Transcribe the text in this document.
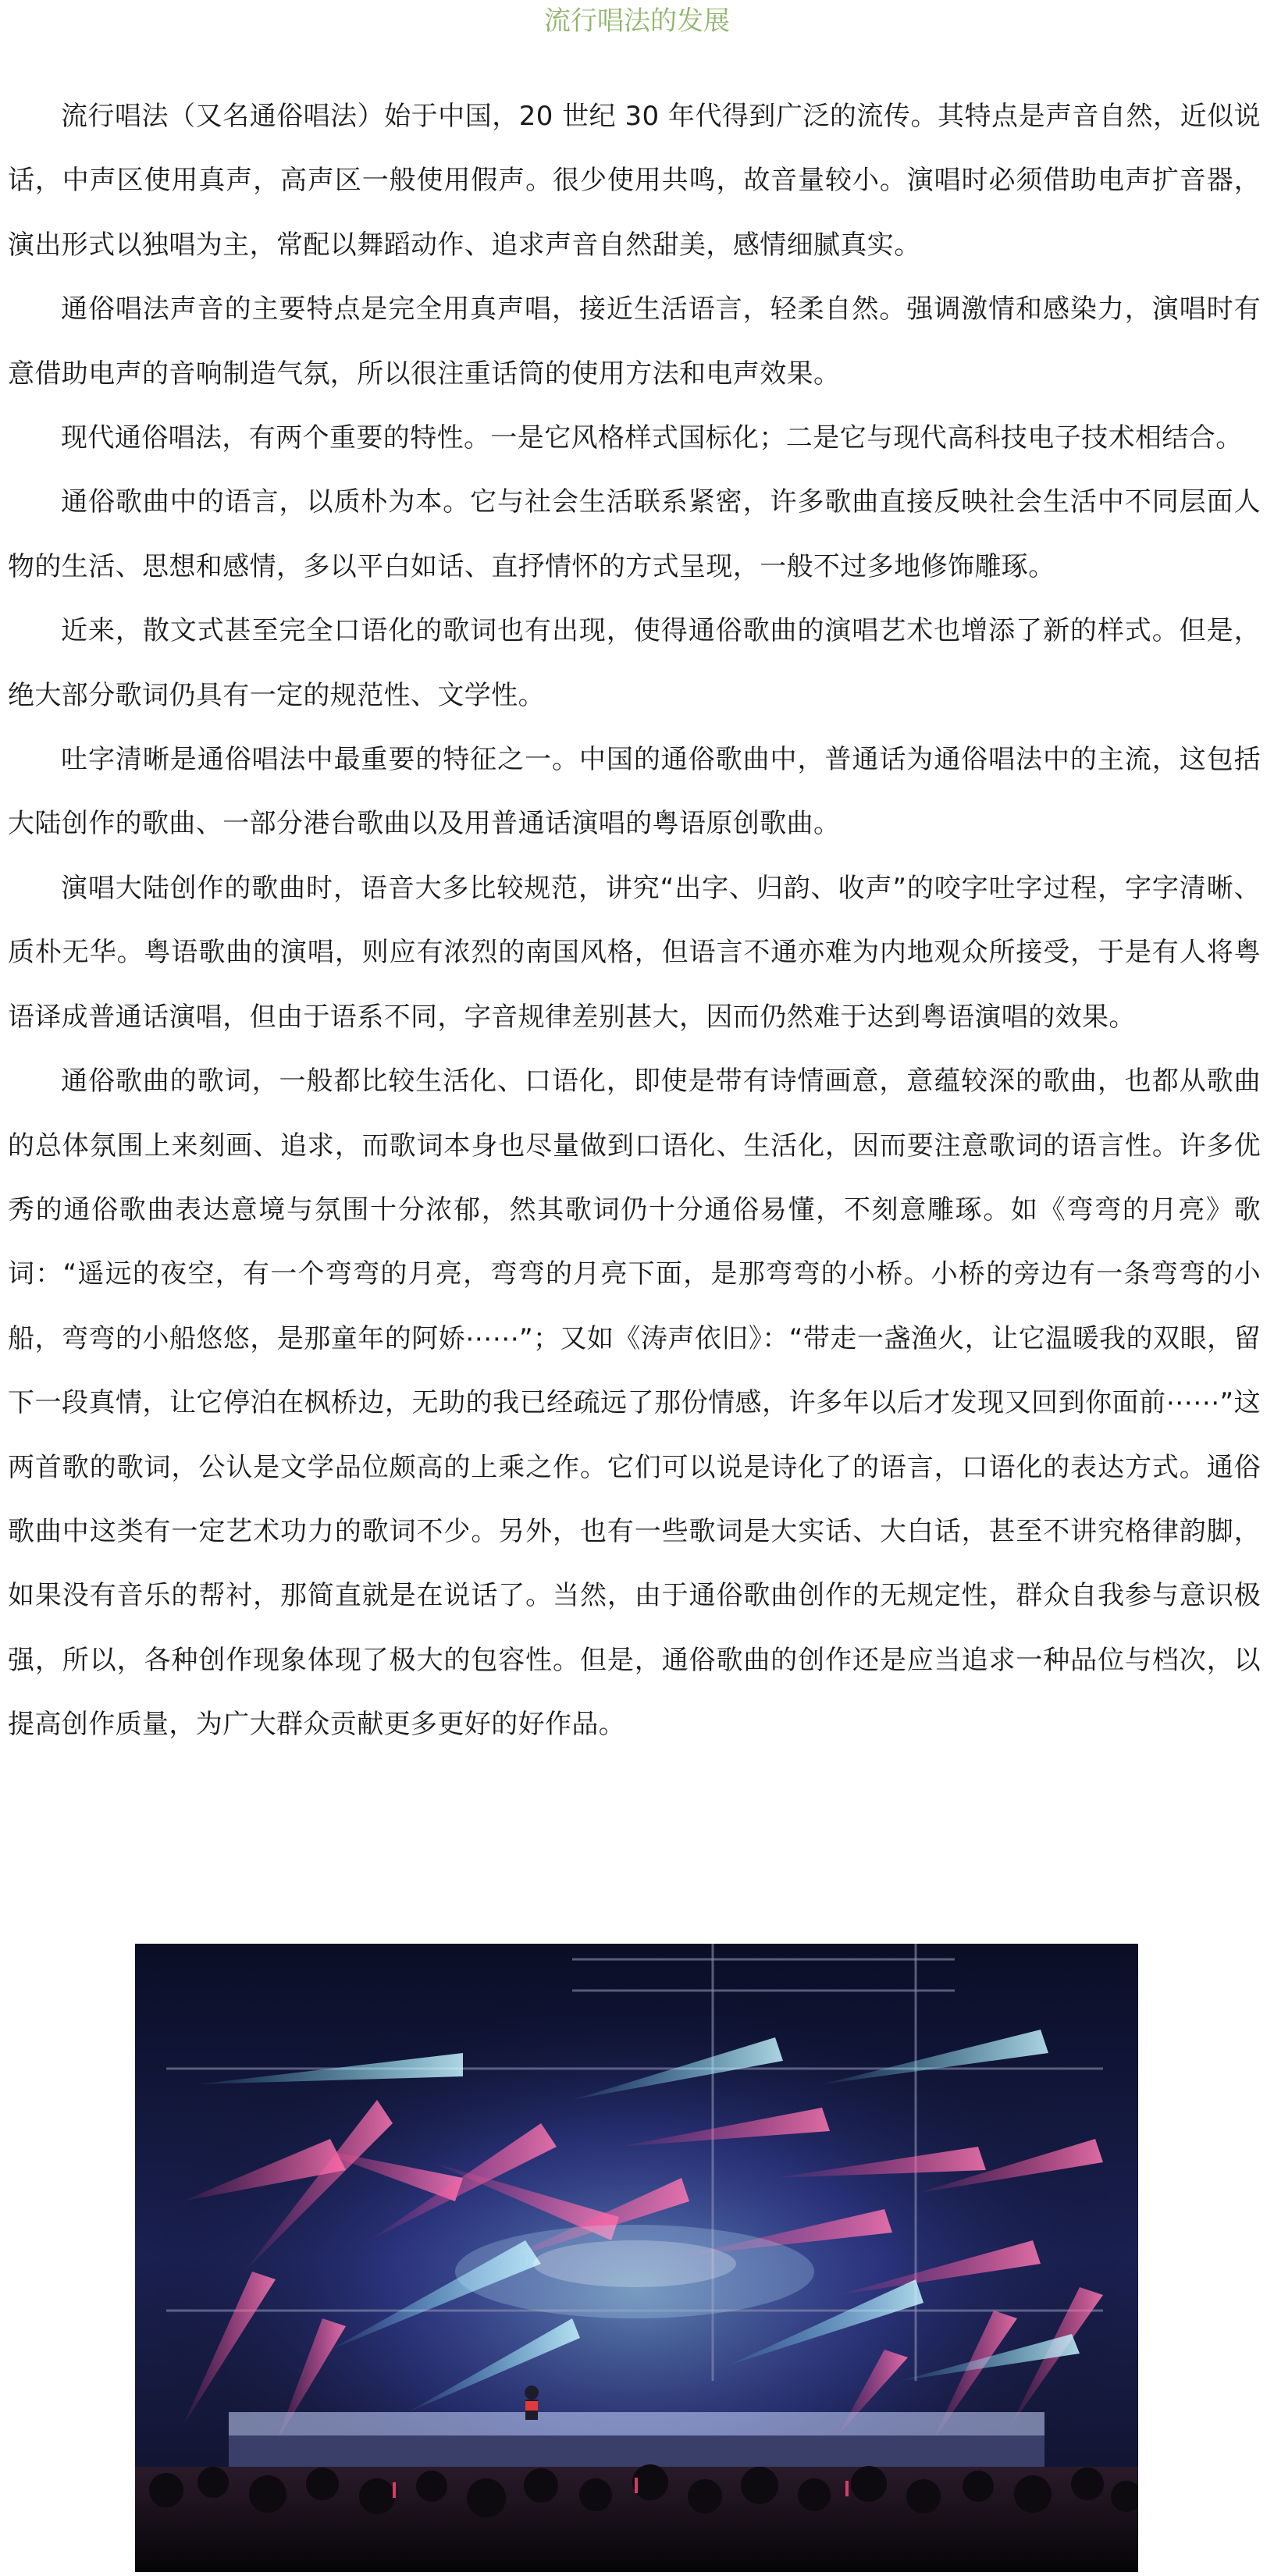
流行唱法的发展

流行唱法（又名通俗唱法）始于中国，20 世纪 30 年代得到广泛的流传。其特点是声音自然，近似说话，中声区使用真声，高声区一般使用假声。很少使用共鸣，故音量较小。演唱时必须借助电声扩音器，演出形式以独唱为主，常配以舞蹈动作、追求声音自然甜美，感情细腻真实。

通俗唱法声音的主要特点是完全用真声唱，接近生活语言，轻柔自然。强调激情和感染力，演唱时有意借助电声的音响制造气氛，所以很注重话筒的使用方法和电声效果。

现代通俗唱法，有两个重要的特性。一是它风格样式国标化；二是它与现代高科技电子技术相结合。

通俗歌曲中的语言，以质朴为本。它与社会生活联系紧密，许多歌曲直接反映社会生活中不同层面人物的生活、思想和感情，多以平白如话、直抒情怀的方式呈现，一般不过多地修饰雕琢。

近来，散文式甚至完全口语化的歌词也有出现，使得通俗歌曲的演唱艺术也增添了新的样式。但是，绝大部分歌词仍具有一定的规范性、文学性。

吐字清晰是通俗唱法中最重要的特征之一。中国的通俗歌曲中，普通话为通俗唱法中的主流，这包括大陆创作的歌曲、一部分港台歌曲以及用普通话演唱的粤语原创歌曲。

演唱大陆创作的歌曲时，语音大多比较规范，讲究“出字、归韵、收声”的咬字吐字过程，字字清晰、质朴无华。粤语歌曲的演唱，则应有浓烈的南国风格，但语言不通亦难为内地观众所接受，于是有人将粤语译成普通话演唱，但由于语系不同，字音规律差别甚大，因而仍然难于达到粤语演唱的效果。

通俗歌曲的歌词，一般都比较生活化、口语化，即使是带有诗情画意，意蕴较深的歌曲，也都从歌曲的总体氛围上来刻画、追求，而歌词本身也尽量做到口语化、生活化，因而要注意歌词的语言性。许多优秀的通俗歌曲表达意境与氛围十分浓郁，然其歌词仍十分通俗易懂，不刻意雕琢。如《弯弯的月亮》歌词：“遥远的夜空，有一个弯弯的月亮，弯弯的月亮下面，是那弯弯的小桥。小桥的旁边有一条弯弯的小船，弯弯的小船悠悠，是那童年的阿娇⋯⋯”；又如《涛声依旧》：“带走一盏渔火，让它温暖我的双眼，留下一段真情，让它停泊在枫桥边，无助的我已经疏远了那份情感，许多年以后才发现又回到你面前⋯⋯”这两首歌的歌词，公认是文学品位颇高的上乘之作。它们可以说是诗化了的语言，口语化的表达方式。通俗歌曲中这类有一定艺术功力的歌词不少。另外，也有一些歌词是大实话、大白话，甚至不讲究格律韵脚，如果没有音乐的帮衬，那简直就是在说话了。当然，由于通俗歌曲创作的无规定性，群众自我参与意识极强，所以，各种创作现象体现了极大的包容性。但是，通俗歌曲的创作还是应当追求一种品位与档次，以提高创作质量，为广大群众贡献更多更好的好作品。
